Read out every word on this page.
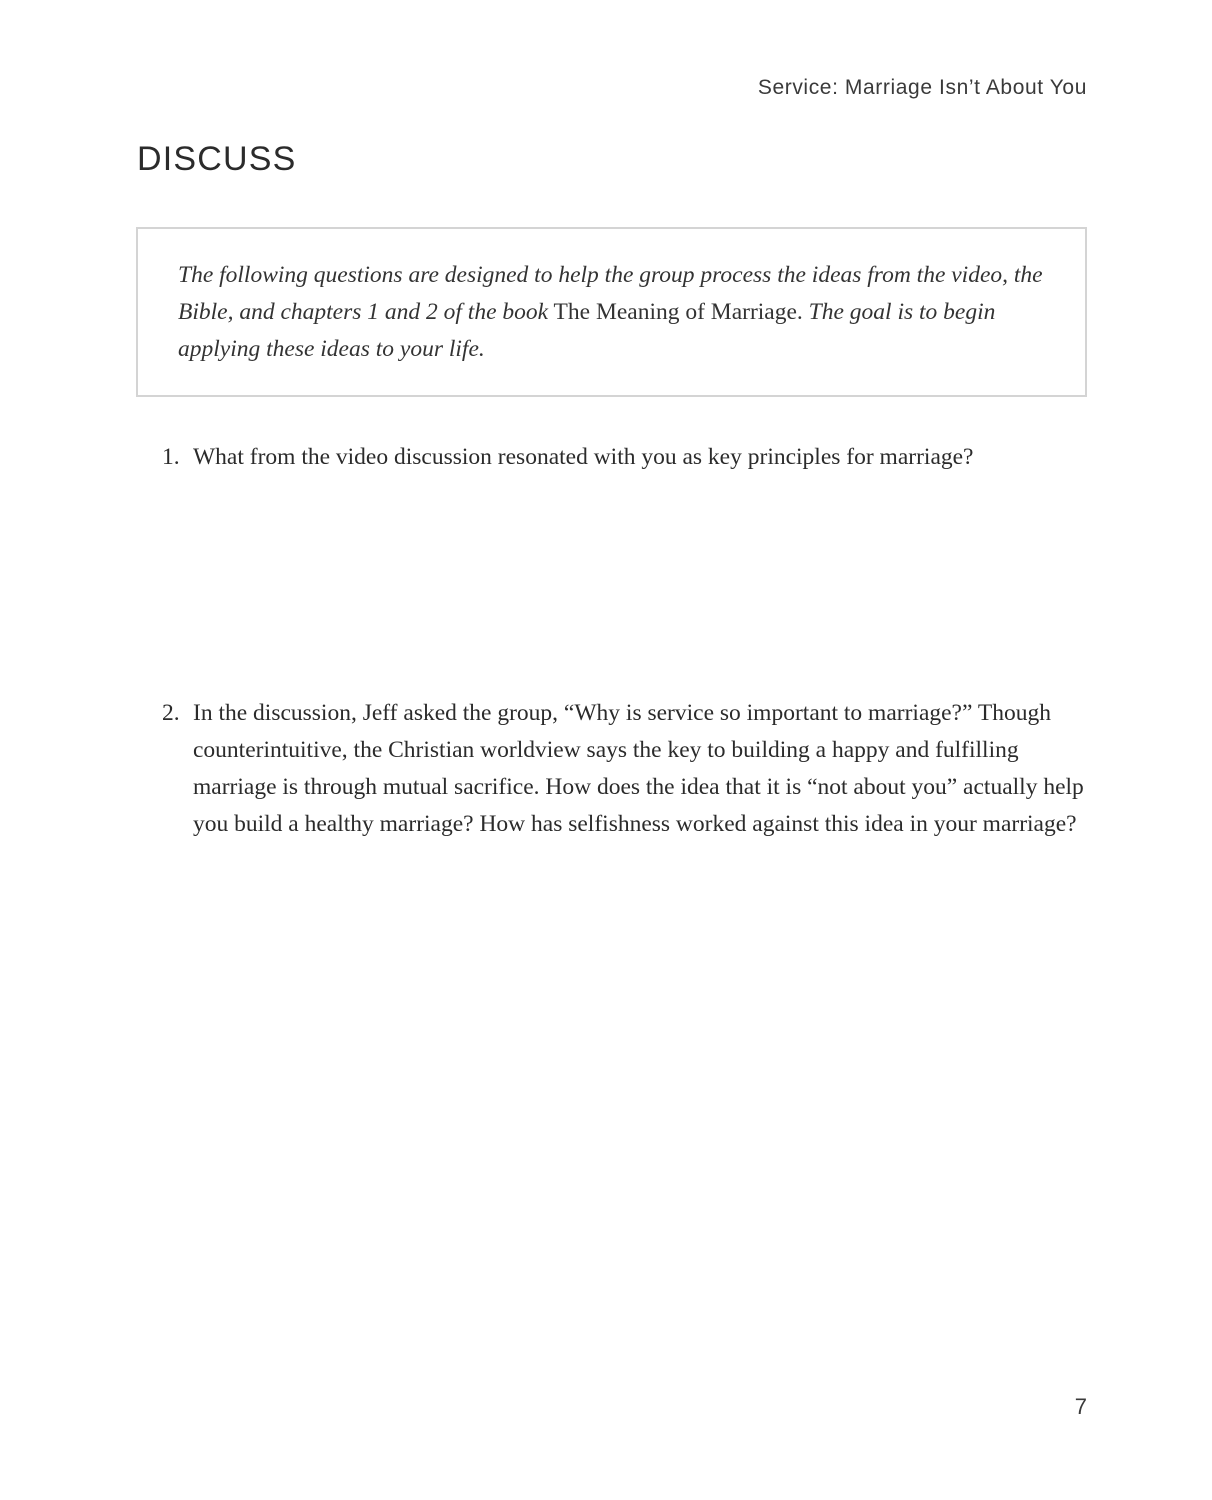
Service: Marriage Isn’t About You
DISCUSS
The following questions are designed to help the group process the ideas from the video, the Bible, and chapters 1 and 2 of the book The Meaning of Marriage. The goal is to begin applying these ideas to your life.
1. What from the video discussion resonated with you as key principles for marriage?
2. In the discussion, Jeff asked the group, “Why is service so important to marriage?” Though counterintuitive, the Christian worldview says the key to building a happy and fulfilling marriage is through mutual sacrifice. How does the idea that it is “not about you” actually help you build a healthy marriage? How has selfishness worked against this idea in your marriage?
7
